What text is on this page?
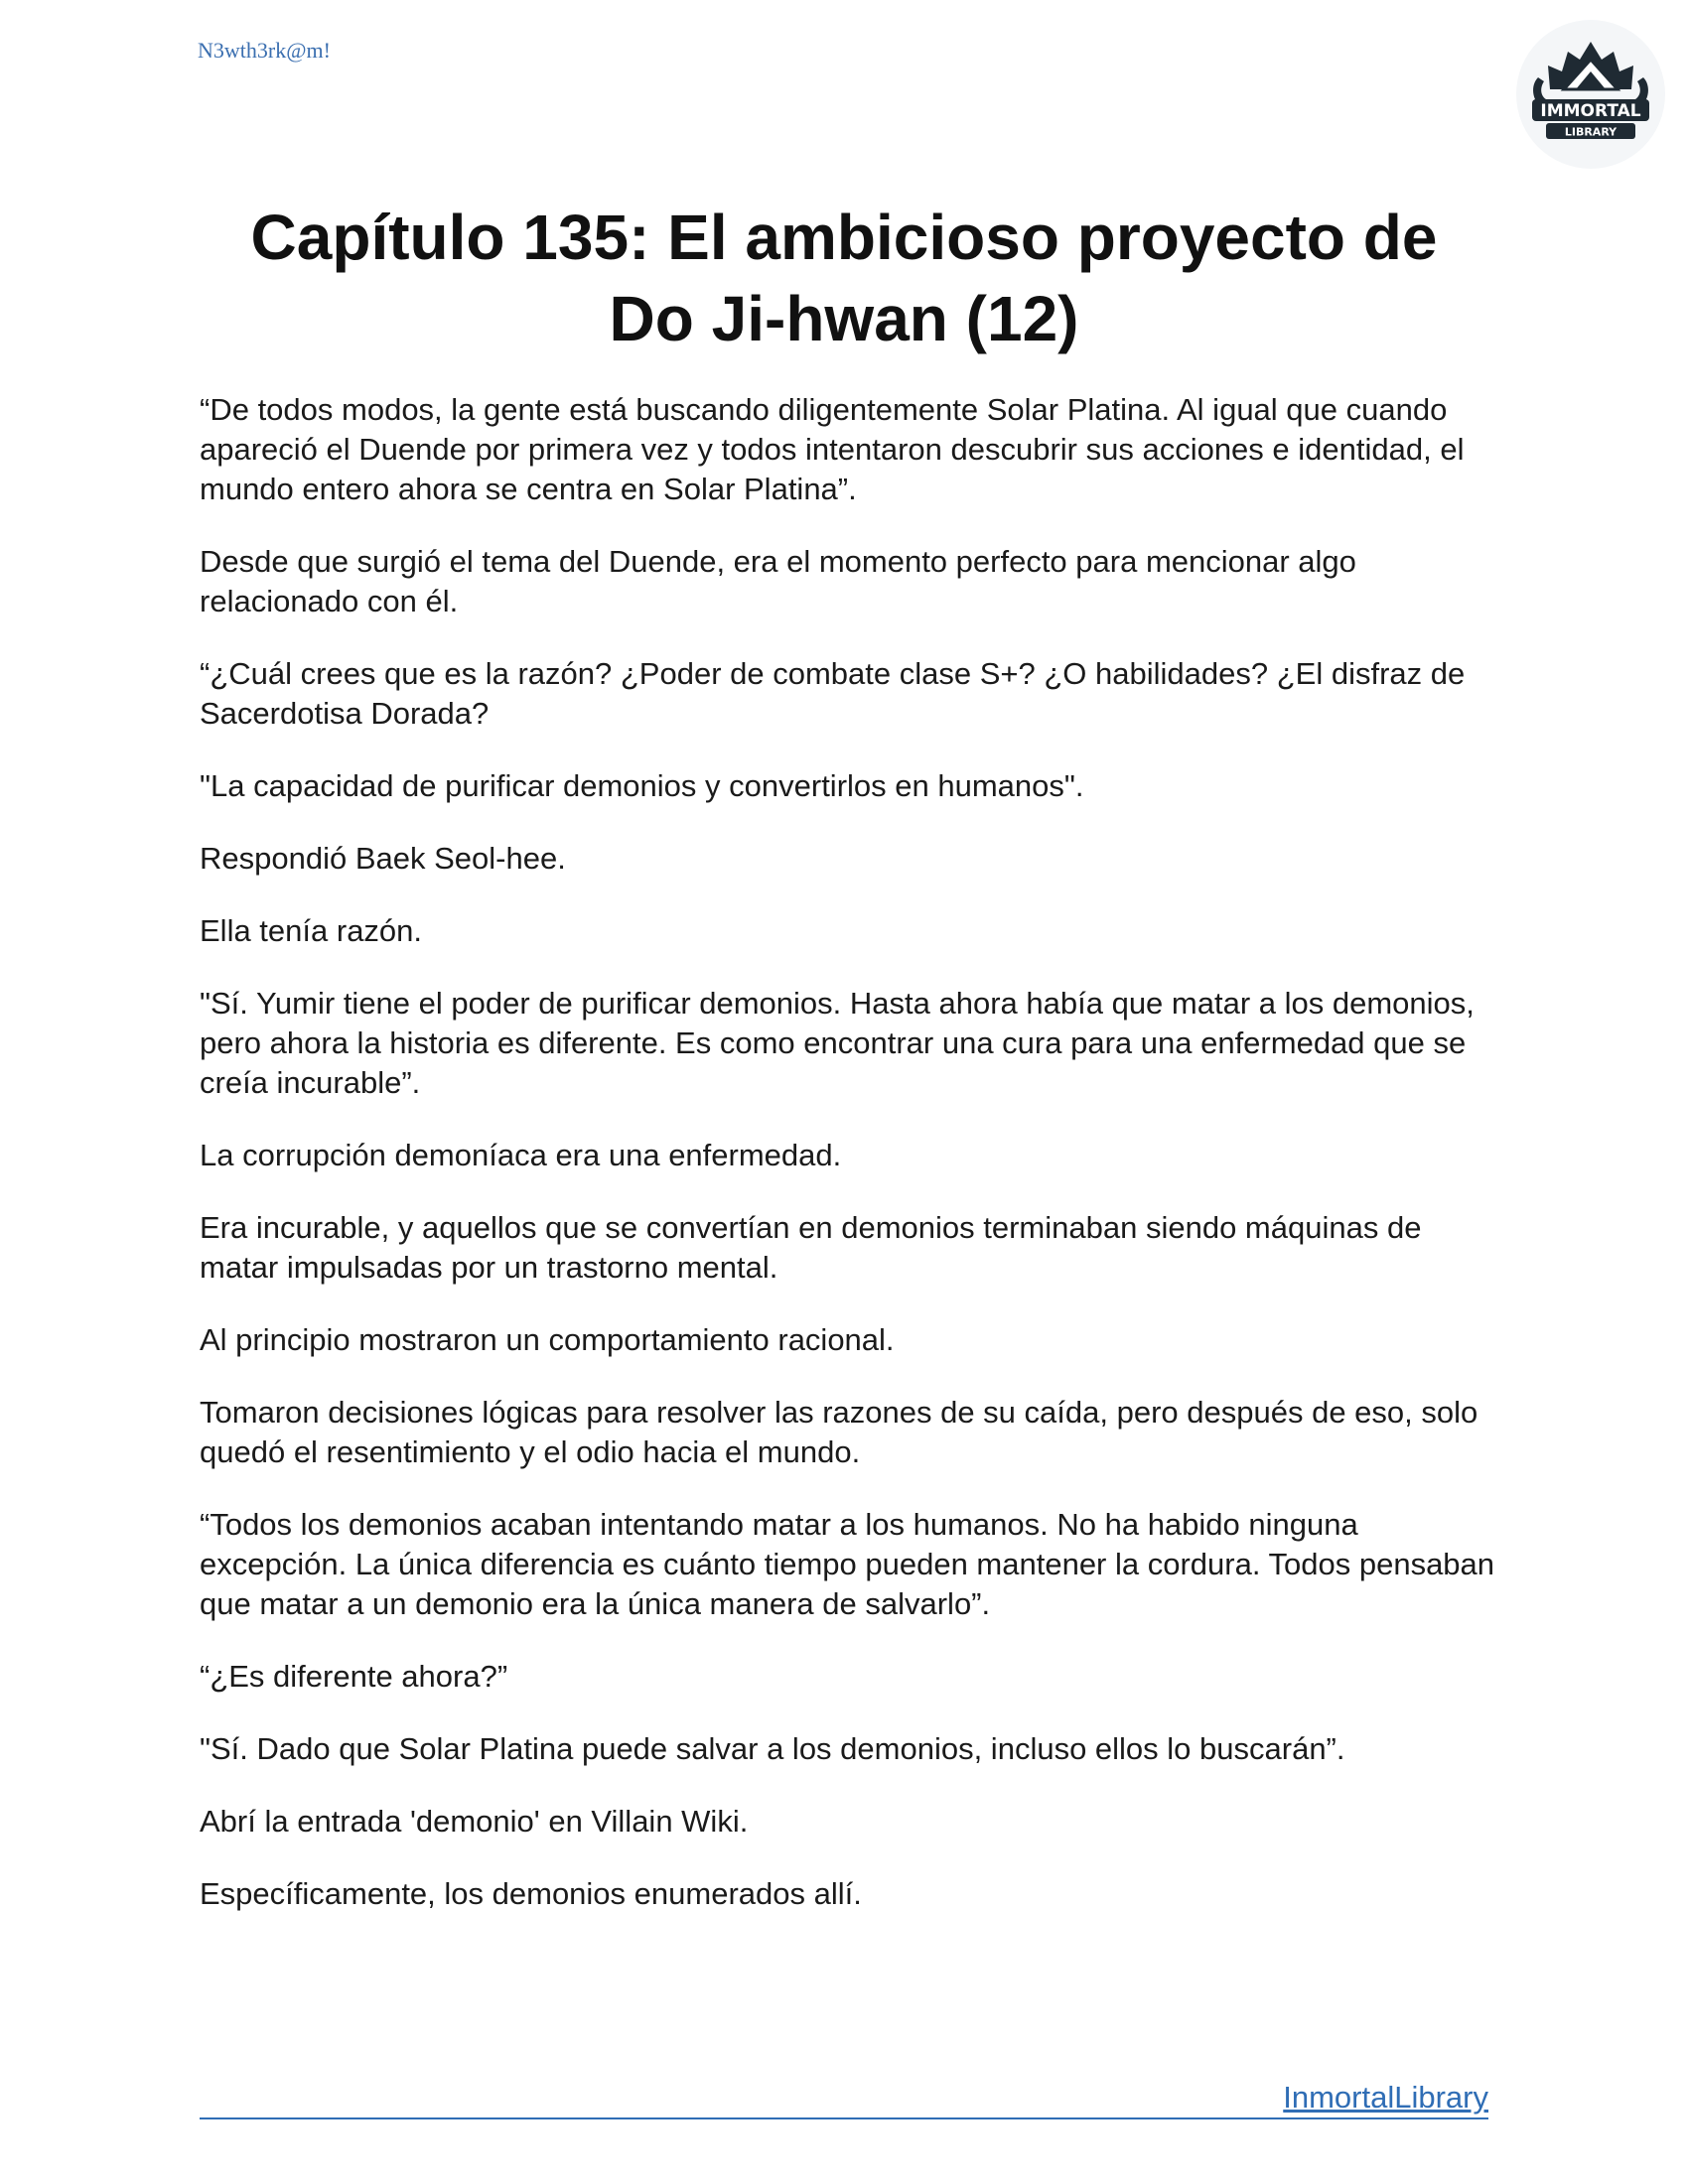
N3wth3rk@m!
IMMORTAL
LIBRARY
Capítulo 135: El ambicioso proyecto de
Do Ji-hwan (12)

“De todos modos, la gente está buscando diligentemente Solar Platina. Al igual que cuando apareció el Duende por primera vez y todos intentaron descubrir sus acciones e identidad, el mundo entero ahora se centra en Solar Platina”.

Desde que surgió el tema del Duende, era el momento perfecto para mencionar algo relacionado con él.

“¿Cuál crees que es la razón? ¿Poder de combate clase S+? ¿O habilidades? ¿El disfraz de Sacerdotisa Dorada?

"La capacidad de purificar demonios y convertirlos en humanos".

Respondió Baek Seol-hee.

Ella tenía razón.

"Sí. Yumir tiene el poder de purificar demonios. Hasta ahora había que matar a los demonios, pero ahora la historia es diferente. Es como encontrar una cura para una enfermedad que se creía incurable”.

La corrupción demoníaca era una enfermedad.

Era incurable, y aquellos que se convertían en demonios terminaban siendo máquinas de matar impulsadas por un trastorno mental.

Al principio mostraron un comportamiento racional.

Tomaron decisiones lógicas para resolver las razones de su caída, pero después de eso, solo quedó el resentimiento y el odio hacia el mundo.

“Todos los demonios acaban intentando matar a los humanos. No ha habido ninguna excepción. La única diferencia es cuánto tiempo pueden mantener la cordura. Todos pensaban que matar a un demonio era la única manera de salvarlo”.

“¿Es diferente ahora?”

"Sí. Dado que Solar Platina puede salvar a los demonios, incluso ellos lo buscarán”.

Abrí la entrada 'demonio' en Villain Wiki.

Específicamente, los demonios enumerados allí.

InmortalLibrary
